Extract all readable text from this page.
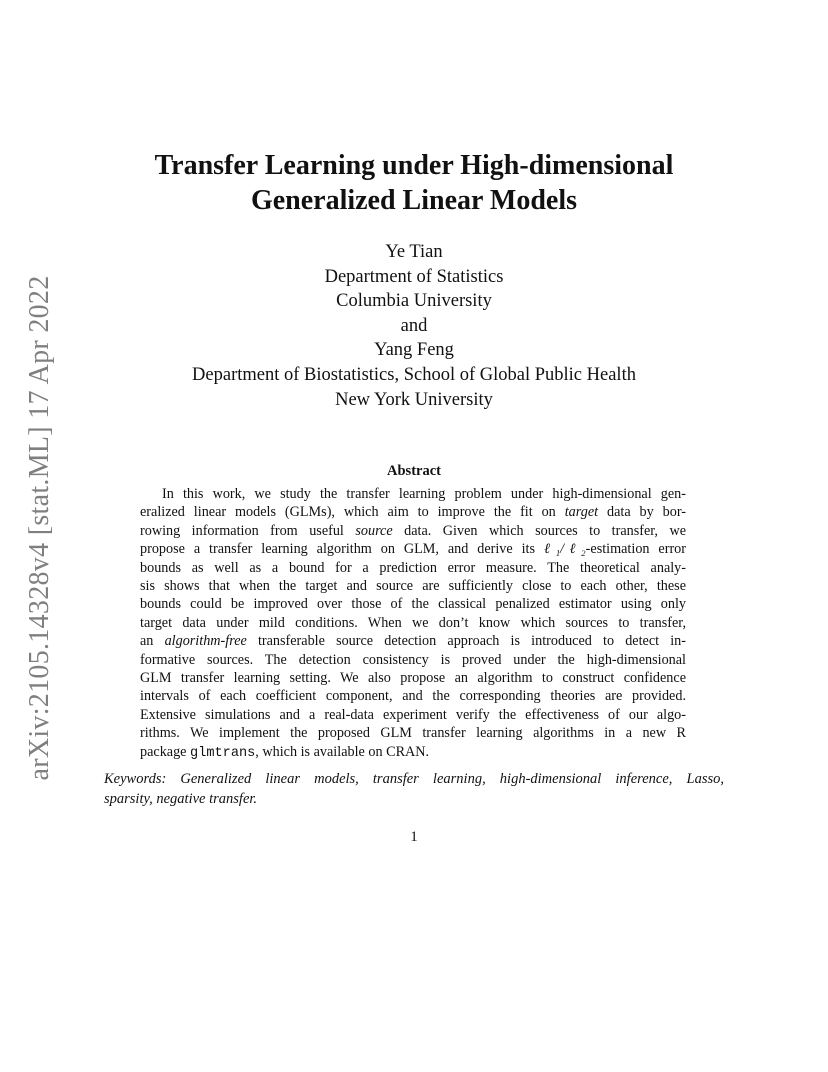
arXiv:2105.14328v4 [stat.ML] 17 Apr 2022
Transfer Learning under High-dimensional
Generalized Linear Models
Ye Tian
Department of Statistics
Columbia University
and
Yang Feng
Department of Biostatistics, School of Global Public Health
New York University
Abstract
In this work, we study the transfer learning problem under high-dimensional gen-
eralized linear models (GLMs), which aim to improve the fit on target data by bor-
rowing information from useful source data. Given which sources to transfer, we
propose a transfer learning algorithm on GLM, and derive its ℓ₁/ℓ₂-estimation error
bounds as well as a bound for a prediction error measure. The theoretical analy-
sis shows that when the target and source are sufficiently close to each other, these
bounds could be improved over those of the classical penalized estimator using only
target data under mild conditions. When we don’t know which sources to transfer,
an algorithm-free transferable source detection approach is introduced to detect in-
formative sources. The detection consistency is proved under the high-dimensional
GLM transfer learning setting. We also propose an algorithm to construct confidence
intervals of each coefficient component, and the corresponding theories are provided.
Extensive simulations and a real-data experiment verify the effectiveness of our algo-
rithms. We implement the proposed GLM transfer learning algorithms in a new R
package glmtrans, which is available on CRAN.
Keywords: Generalized linear models, transfer learning, high-dimensional inference, Lasso,
sparsity, negative transfer.
1
